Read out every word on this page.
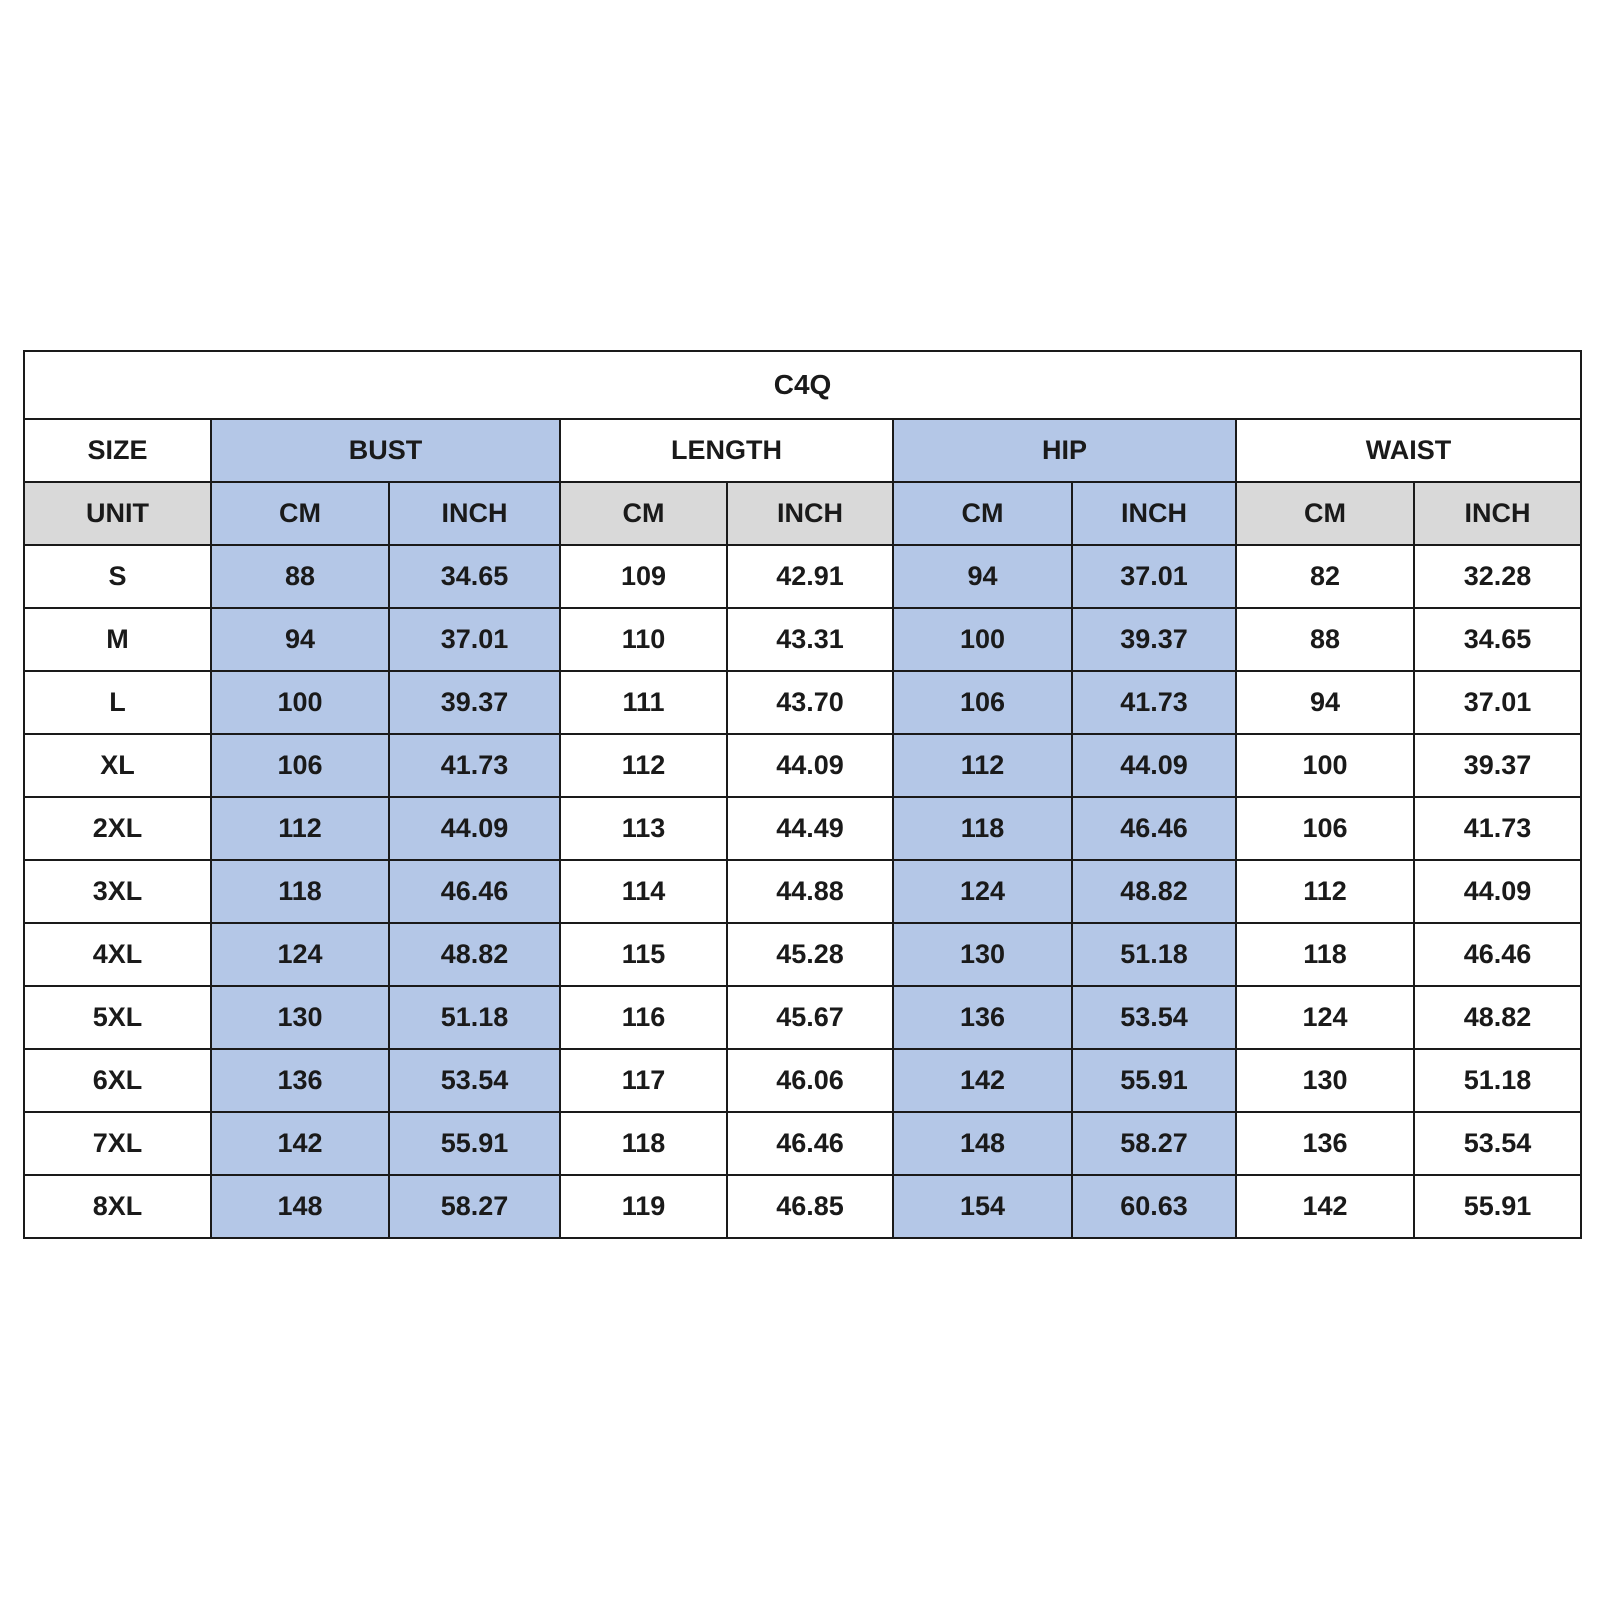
C4Q								
SIZE	BUST		LENGTH		HIP		WAIST	
UNIT	CM	INCH	CM	INCH	CM	INCH	CM	INCH
S	88	34.65	109	42.91	94	37.01	82	32.28
M	94	37.01	110	43.31	100	39.37	88	34.65
L	100	39.37	111	43.70	106	41.73	94	37.01
XL	106	41.73	112	44.09	112	44.09	100	39.37
2XL	112	44.09	113	44.49	118	46.46	106	41.73
3XL	118	46.46	114	44.88	124	48.82	112	44.09
4XL	124	48.82	115	45.28	130	51.18	118	46.46
5XL	130	51.18	116	45.67	136	53.54	124	48.82
6XL	136	53.54	117	46.06	142	55.91	130	51.18
7XL	142	55.91	118	46.46	148	58.27	136	53.54
8XL	148	58.27	119	46.85	154	60.63	142	55.91
